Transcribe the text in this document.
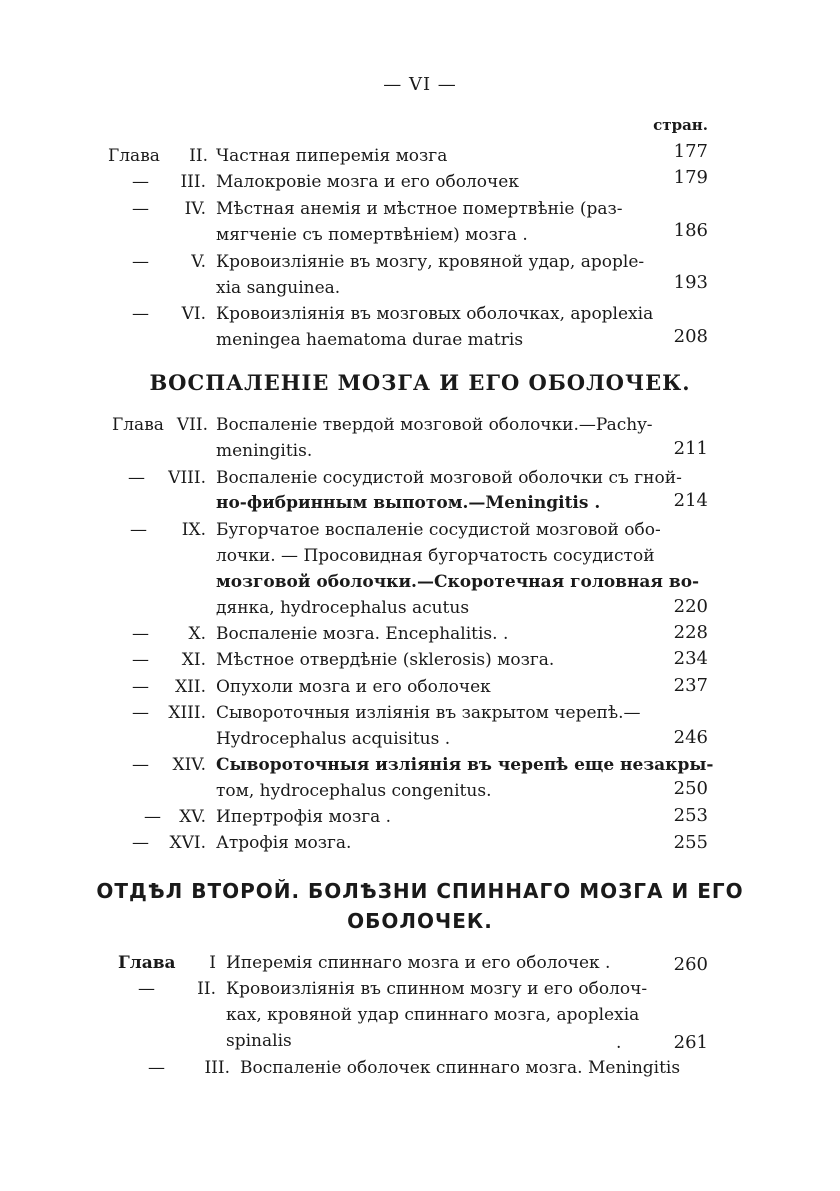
— VI —
стран.
Глава	II. Частная пиперемія мозга	177
—	III. Малокровіе мозга и его оболочек	179
—	IV. Мѣстная анемія и мѣстное помертвѣніе (раз-
мягченіе съ помертвѣніем) мозга .	186
—	V. Кровоизліяніе въ мозгу, кровяной удар, aрople-
xia sanguinea.	193
—	VI. Кровоизліянія въ мозговых оболочках, apoplexia
meningea haematoma durae matris	208
ВОСПАЛЕНІЕ МОЗГА И ЕГО ОБОЛОЧЕК.
Глава VII. Воспаленіе твердой мозговой оболочки.—Pachy-
meningitis.	211
— VIII. Воспаленіе сосудистой мозговой оболочки съ гной-
но-фибринным выпотом.—Meningitis .	214
—	IX. Бугорчатое воспаленіе сосудистой мозговой обо-
лочки. — Просовидная бугорчатость сосудистой
мозговой оболочки.—Скоротечная головная во-
дянка, hydrocephalus acutus	220
—	X. Воспаленіе мозга. Encephalitis. .	228
—	XI. Мѣстное отвердѣніе (sklerosis) мозга.	234
—	XII. Опухоли мозга и его оболочек	237
— XIII. Сывороточныя изліянія въ закрытом черепѣ.—
Hydrocephalus acquisitus .	246
—	XIV. Сывороточныя изліянія въ черепѣ еще незакры-
том, hydrocephalus congenitus.	250
—	XV. Ипертрофія мозга .	253
— XVI. Атрофія мозга.	255
ОТДѢЛ ВТОРОЙ. БОЛѢЗНИ СПИННАГО МОЗГА И ЕГО
ОБОЛОЧЕК.
Глава	I Иперемія спиннаго мозга и его оболочек .	260
—	II. Кровоизліянія въ спинном мозгу и его оболоч-
ках, кровяной удар спиннаго мозга, apoplexia
spinalis	.	261
—	III. Воспаленіе оболочек спиннаго мозга. Meningitis
